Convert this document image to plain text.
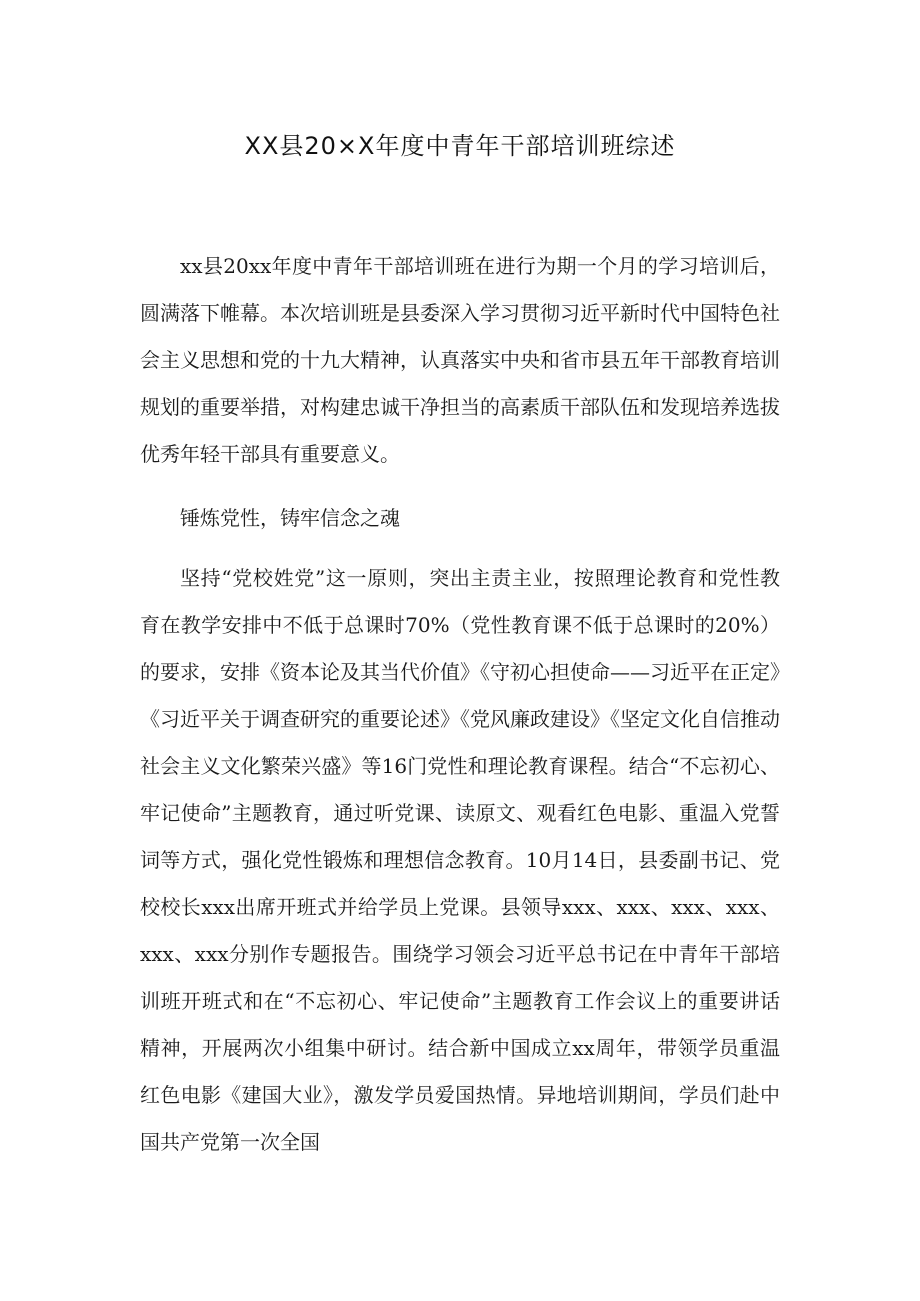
XX县20×X年度中青年干部培训班综述

xx县20xx年度中青年干部培训班在进行为期一个月的学习培训后，圆满落下帷幕。本次培训班是县委深入学习贯彻习近平新时代中国特色社会主义思想和党的十九大精神，认真落实中央和省市县五年干部教育培训规划的重要举措，对构建忠诚干净担当的高素质干部队伍和发现培养选拔优秀年轻干部具有重要意义。

锤炼党性，铸牢信念之魂

坚持“党校姓党”这一原则，突出主责主业，按照理论教育和党性教育在教学安排中不低于总课时70%（党性教育课不低于总课时的20%）的要求，安排《资本论及其当代价值》《守初心担使命——习近平在正定》《习近平关于调查研究的重要论述》《党风廉政建设》《坚定文化自信推动社会主义文化繁荣兴盛》等16门党性和理论教育课程。结合“不忘初心、牢记使命”主题教育，通过听党课、读原文、观看红色电影、重温入党誓词等方式，强化党性锻炼和理想信念教育。10月14日，县委副书记、党校校长xxx出席开班式并给学员上党课。县领导xxx、xxx、xxx、xxx、xxx、xxx分别作专题报告。围绕学习领会习近平总书记在中青年干部培训班开班式和在“不忘初心、牢记使命”主题教育工作会议上的重要讲话精神，开展两次小组集中研讨。结合新中国成立xx周年，带领学员重温红色电影《建国大业》，激发学员爱国热情。异地培训期间，学员们赴中国共产党第一次全国
